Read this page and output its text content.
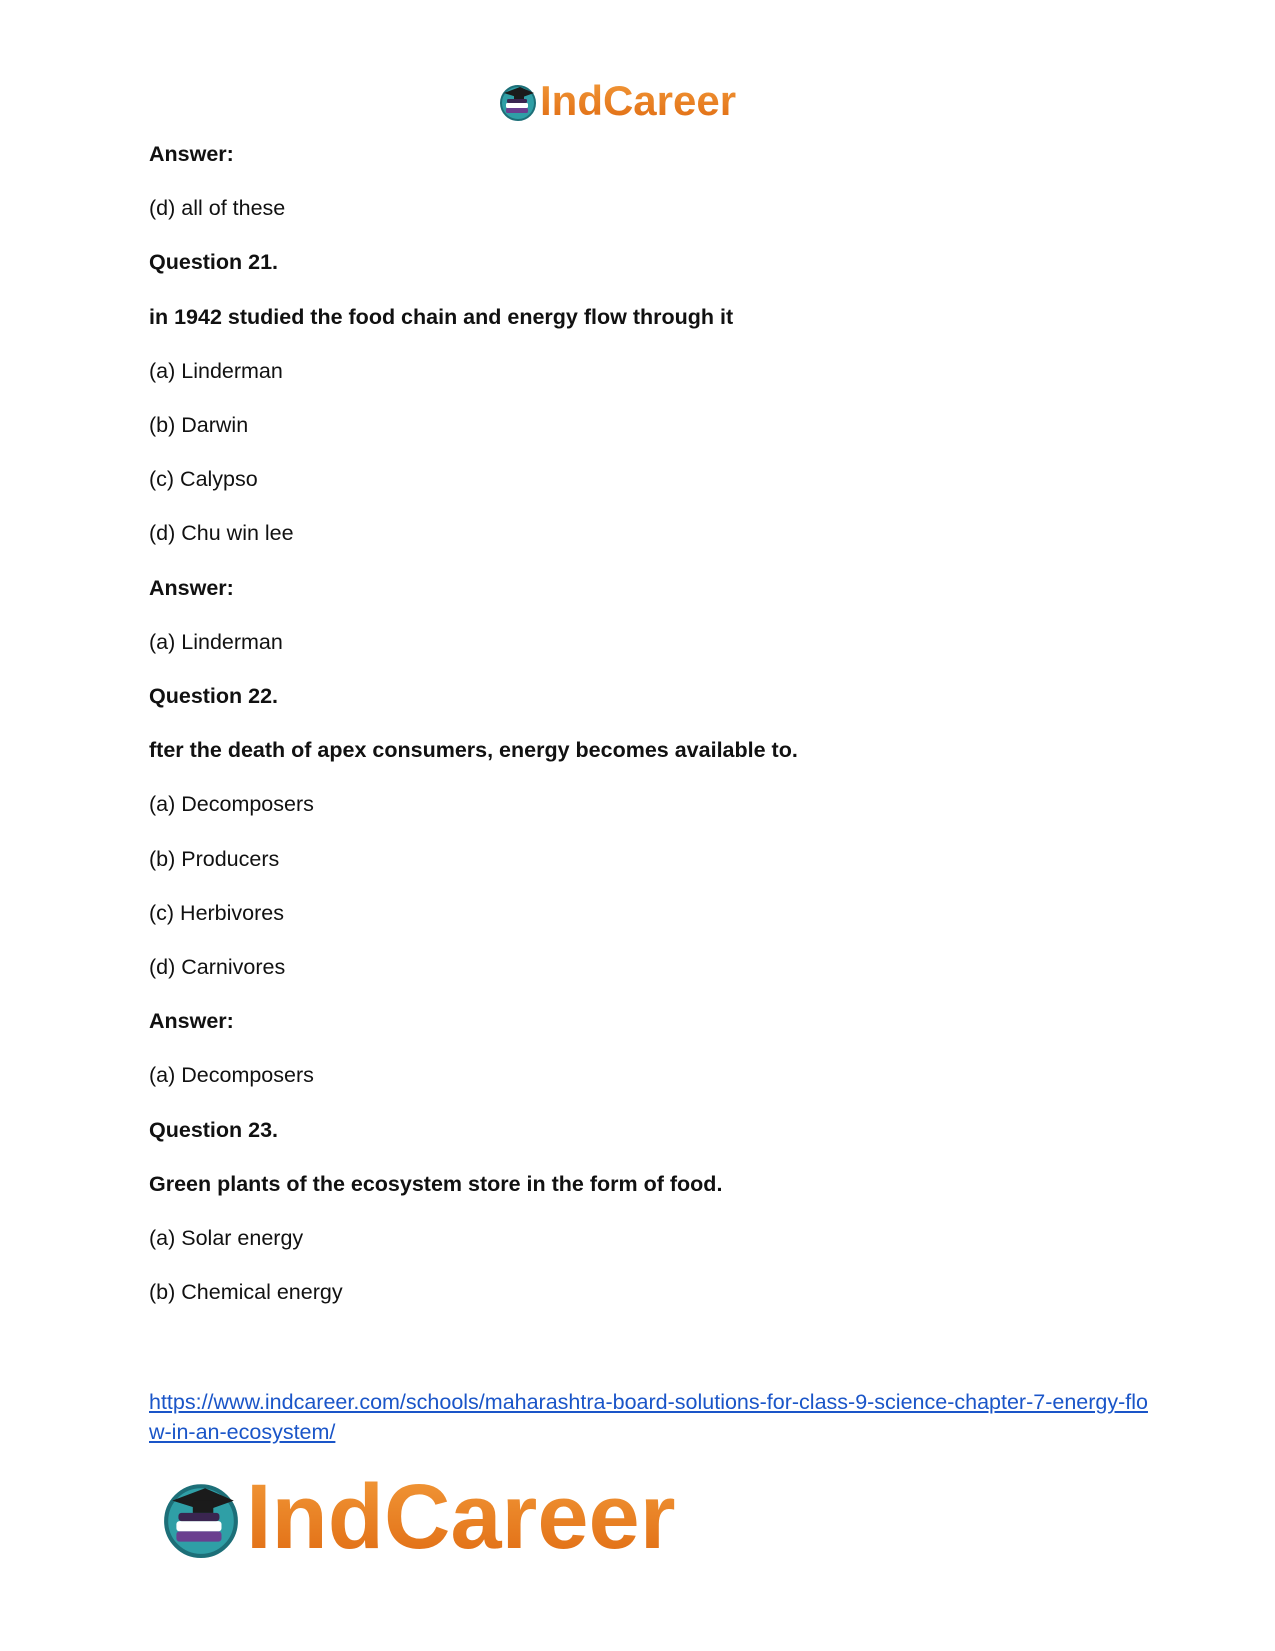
IndCareer
Answer:
(d) all of these
Question 21.
in 1942 studied the food chain and energy flow through it
(a) Linderman
(b) Darwin
(c) Calypso
(d) Chu win lee
Answer:
(a) Linderman
Question 22.
fter the death of apex consumers, energy becomes available to.
(a) Decomposers
(b) Producers
(c) Herbivores
(d) Carnivores
Answer:
(a) Decomposers
Question 23.
Green plants of the ecosystem store in the form of food.
(a) Solar energy
(b) Chemical energy
https://www.indcareer.com/schools/maharashtra-board-solutions-for-class-9-science-chapter-7-energy-flow-in-an-ecosystem/
IndCareer
